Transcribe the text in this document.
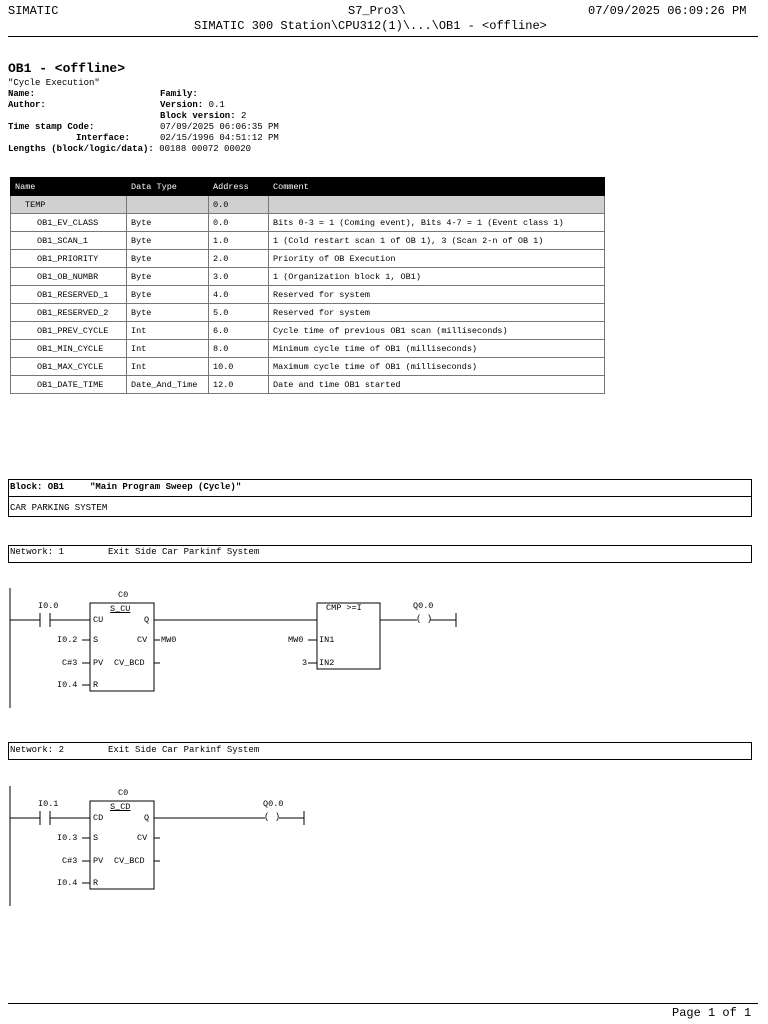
SIMATIC	S7_Pro3\	07/09/2025 06:09:26 PM
SIMATIC 300 Station\CPU312(1)\...\OB1 - <offline>
OB1 - <offline>
"Cycle Execution"
Name:	Family:
Author:	Version: 0.1
Block version: 2
Time stamp Code:	07/09/2025 06:06:35 PM
Interface:	02/15/1996 04:51:12 PM
Lengths (block/logic/data): 00188 00072 00020
Name	Data Type	Address	Comment
TEMP		0.0	
OB1_EV_CLASS	Byte	0.0	Bits 0-3 = 1 (Coming event), Bits 4-7 = 1 (Event class 1)
OB1_SCAN_1	Byte	1.0	1 (Cold restart scan 1 of OB 1), 3 (Scan 2-n of OB 1)
OB1_PRIORITY	Byte	2.0	Priority of OB Execution
OB1_OB_NUMBR	Byte	3.0	1 (Organization block 1, OB1)
OB1_RESERVED_1	Byte	4.0	Reserved for system
OB1_RESERVED_2	Byte	5.0	Reserved for system
OB1_PREV_CYCLE	Int	6.0	Cycle time of previous OB1 scan (milliseconds)
OB1_MIN_CYCLE	Int	8.0	Minimum cycle time of OB1 (milliseconds)
OB1_MAX_CYCLE	Int	10.0	Maximum cycle time of OB1 (milliseconds)
OB1_DATE_TIME	Date_And_Time	12.0	Date and time OB1 started
Block: OB1	"Main Program Sweep (Cycle)"
CAR PARKING SYSTEM
Network: 1	Exit Side Car Parkinf System
I0.0
C0
S_CU
CU	Q
S	CV
PV CV_BCD
R
I0.2
C#3
I0.4
MW0
CMP >=I
IN1
IN2
MW0
3
Q0.0
( )
Network: 2	Exit Side Car Parkinf System
I0.1
C0
S_CD
CD	Q
S	CV
PV CV_BCD
R
I0.3
C#3
I0.4
Q0.0
( )
Page 1 of 1
